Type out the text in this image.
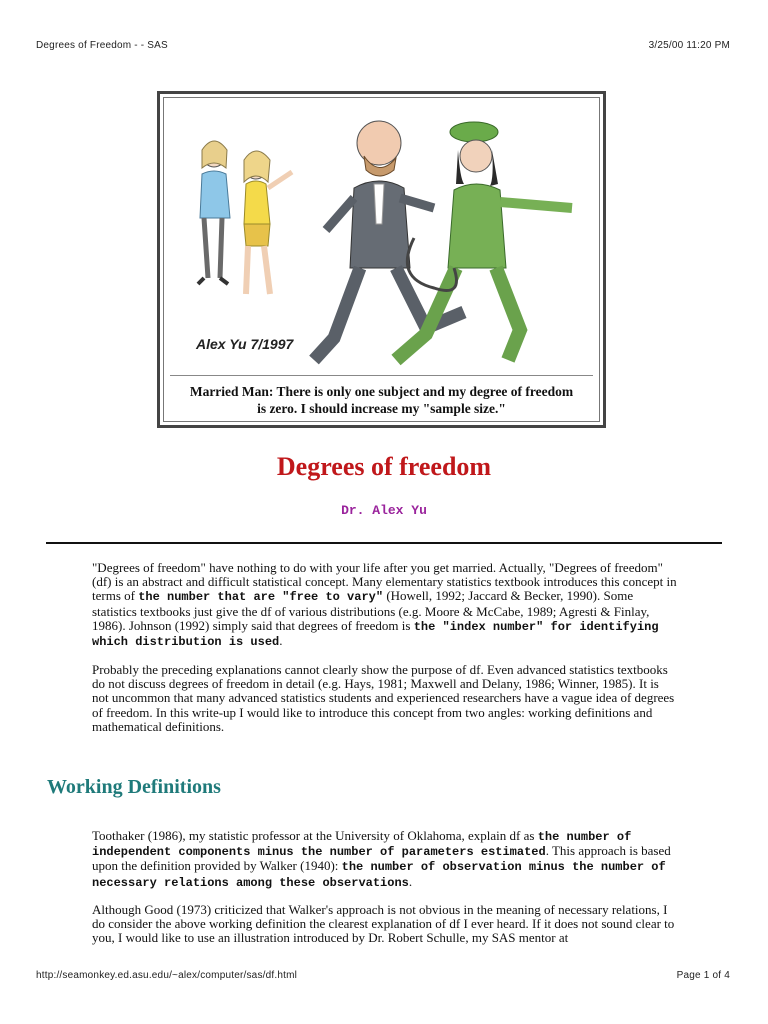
Degrees of Freedom - - SAS	3/25/00 11:20 PM
Alex Yu 7/1997
Married Man: There is only one subject and my degree of freedom
is zero. I should increase my "sample size."
Degrees of freedom
Dr. Alex Yu
"Degrees of freedom" have nothing to do with your life after you get married. Actually, "Degrees of freedom" (df) is an abstract and difficult statistical concept. Many elementary statistics textbook introduces this concept in terms of the number that are "free to vary" (Howell, 1992; Jaccard & Becker, 1990). Some statistics textbooks just give the df of various distributions (e.g. Moore & McCabe, 1989; Agresti & Finlay, 1986). Johnson (1992) simply said that degrees of freedom is the "index number" for identifying which distribution is used.
Probably the preceding explanations cannot clearly show the purpose of df. Even advanced statistics textbooks do not discuss degrees of freedom in detail (e.g. Hays, 1981; Maxwell and Delany, 1986; Winner, 1985). It is not uncommon that many advanced statistics students and experienced researchers have a vague idea of degrees of freedom. In this write-up I would like to introduce this concept from two angles: working definitions and mathematical definitions.
Working Definitions
Toothaker (1986), my statistic professor at the University of Oklahoma, explain df as the number of independent components minus the number of parameters estimated. This approach is based upon the definition provided by Walker (1940): the number of observation minus the number of necessary relations among these observations.
Although Good (1973) criticized that Walker's approach is not obvious in the meaning of necessary relations, I do consider the above working definition the clearest explanation of df I ever heard. If it does not sound clear to you, I would like to use an illustration introduced by Dr. Robert Schulle, my SAS mentor at
http://seamonkey.ed.asu.edu/~alex/computer/sas/df.html	Page 1 of 4
